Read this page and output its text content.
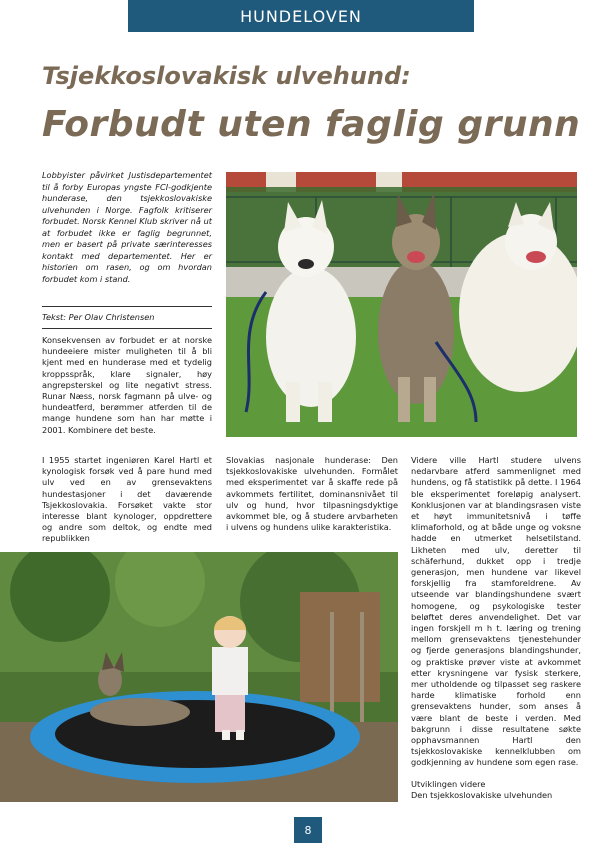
HUNDELOVEN
Tsjekkoslovakisk ulvehund:
Forbudt uten faglig grunn
Lobbyister påvirket Justisdepartementet til å forby Europas yngste FCI-godkjente hunderase, den tsjekkoslovakiske ulvehunden i Norge. Fagfolk kritiserer forbudet. Norsk Kennel Klub skriver nå ut at forbudet ikke er faglig begrunnet, men er basert på private særinteresses kontakt med departementet. Her er historien om rasen, og om hvordan forbudet kom i stand.
Tekst: Per Olav Christensen
Konsekvensen av forbudet er at norske hundeeiere mister muligheten til å bli kjent med en hunderase med et tydelig kroppsspråk, klare signaler, høy angrepsterskel og lite negativt stress. Runar Næss, norsk fagmann på ulve- og hundeatferd, berømmer atferden til de mange hundene som han har møtte i 2001. Kombinere det beste.
I 1955 startet ingeniøren Karel Hartl et kynologisk forsøk ved å pare hund med ulv ved en av grensevaktens hundestasjoner i det daværende Tsjekkoslovakia. Forsøket vakte stor interesse blant kynologer, oppdrettere og andre som deltok, og endte med republikken
Slovakias nasjonale hunderase: Den tsjekkoslovakiske ulvehunden. Formålet med eksperimentet var å skaffe rede på avkommets fertilitet, dominansnivået til ulv og hund, hvor tilpasningsdyktige avkommet ble, og å studere arvbarheten i ulvens og hundens ulike karakteristika.

Videre ville Hartl studere ulvens nedarvbare atferd sammenlignet med hundens, og få statistikk på dette. I 1964 ble eksperimentet foreløpig analysert. Konklusjonen var at blandingsrasen viste et høyt immunitetsnivå i tøffe klimaforhold, og at både unge og voksne hadde en utmerket helsetilstand. Likheten med ulv, deretter til schäferhund, dukket opp i tredje generasjon, men hundene var likevel forskjellig fra stamforeldrene. Av utseende var blandingshundene svært homogene, og psykologiske tester beløftet deres anvendelighet. Det var ingen forskjell m h t. læring og trening mellom grensevaktens tjenestehunder og fjerde generasjons blandingshunder, og praktiske prøver viste at avkommet etter krysningene var fysisk sterkere, mer utholdende og tilpasset seg raskere harde klimatiske forhold enn grensevaktens hunder, som anses å være blant de beste i verden. Med bakgrunn i disse resultatene søkte opphavsmannen Hartl den tsjekkoslovakiske kennelklubben om godkjenning av hundene som egen rase.

Utviklingen videre

Den tsjekkoslovakiske ulvehunden

8
